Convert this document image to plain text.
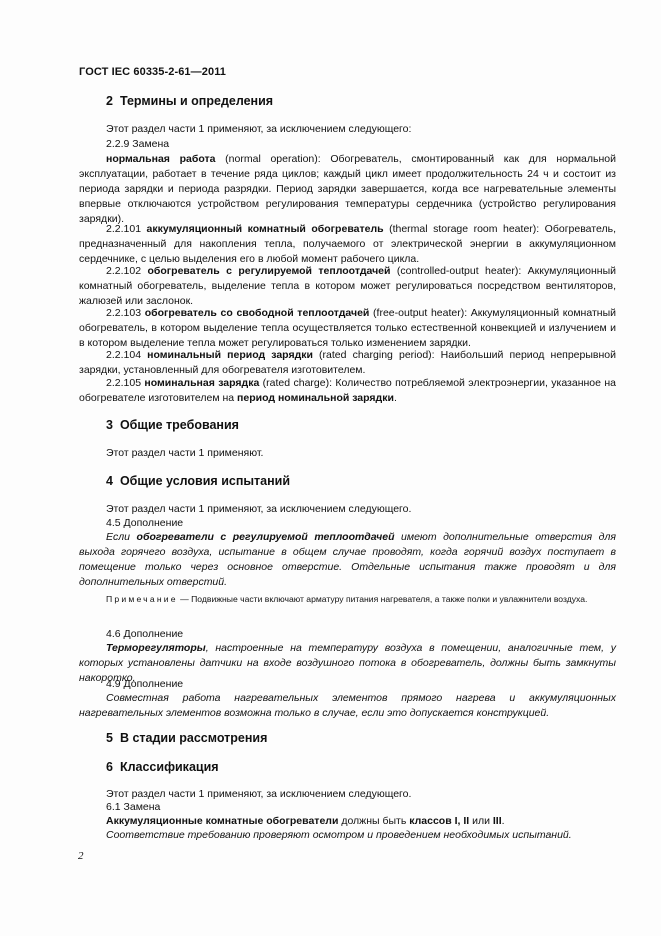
ГОСТ IEC 60335-2-61—2011
2 Термины и определения
Этот раздел части 1 применяют, за исключением следующего:
2.2.9 Замена
нормальная работа (normal operation): Обогреватель, смонтированный как для нормальной эксплуатации, работает в течение ряда циклов; каждый цикл имеет продолжительность 24 ч и состоит из периода зарядки и периода разрядки. Период зарядки завершается, когда все нагревательные элементы впервые отключаются устройством регулирования температуры сердечника (устройство регулирования зарядки).
2.2.101 аккумуляционный комнатный обогреватель (thermal storage room heater): Обогреватель, предназначенный для накопления тепла, получаемого от электрической энергии в аккумуляционном сердечнике, с целью выделения его в любой момент рабочего цикла.
2.2.102 обогреватель с регулируемой теплоотдачей (controlled-output heater): Аккумуляционный комнатный обогреватель, выделение тепла в котором может регулироваться посредством вентиляторов, жалюзей или заслонок.
2.2.103 обогреватель со свободной теплоотдачей (free-output heater): Аккумуляционный комнатный обогреватель, в котором выделение тепла осуществляется только естественной конвекцией и излучением и в котором выделение тепла может регулироваться только изменением зарядки.
2.2.104 номинальный период зарядки (rated charging period): Наибольший период непрерывной зарядки, установленный для обогревателя изготовителем.
2.2.105 номинальная зарядка (rated charge): Количество потребляемой электроэнергии, указанное на обогревателе изготовителем на период номинальной зарядки.
3 Общие требования
Этот раздел части 1 применяют.
4 Общие условия испытаний
Этот раздел части 1 применяют, за исключением следующего.
4.5 Дополнение
Если обогреватели с регулируемой теплоотдачей имеют дополнительные отверстия для выхода горячего воздуха, испытание в общем случае проводят, когда горячий воздух поступает в помещение только через основное отверстие. Отдельные испытания также проводят и для дополнительных отверстий.
Примечание — Подвижные части включают арматуру питания нагревателя, а также полки и увлажнители воздуха.
4.6 Дополнение
Терморегуляторы, настроенные на температуру воздуха в помещении, аналогичные тем, у которых установлены датчики на входе воздушного потока в обогреватель, должны быть замкнуты накоротко.
4.9 Дополнение
Совместная работа нагревательных элементов прямого нагрева и аккумуляционных нагревательных элементов возможна только в случае, если это допускается конструкцией.
5 В стадии рассмотрения
6 Классификация
Этот раздел части 1 применяют, за исключением следующего.
6.1 Замена
Аккумуляционные комнатные обогреватели должны быть классов I, II или III.
Соответствие требованию проверяют осмотром и проведением необходимых испытаний.
2
